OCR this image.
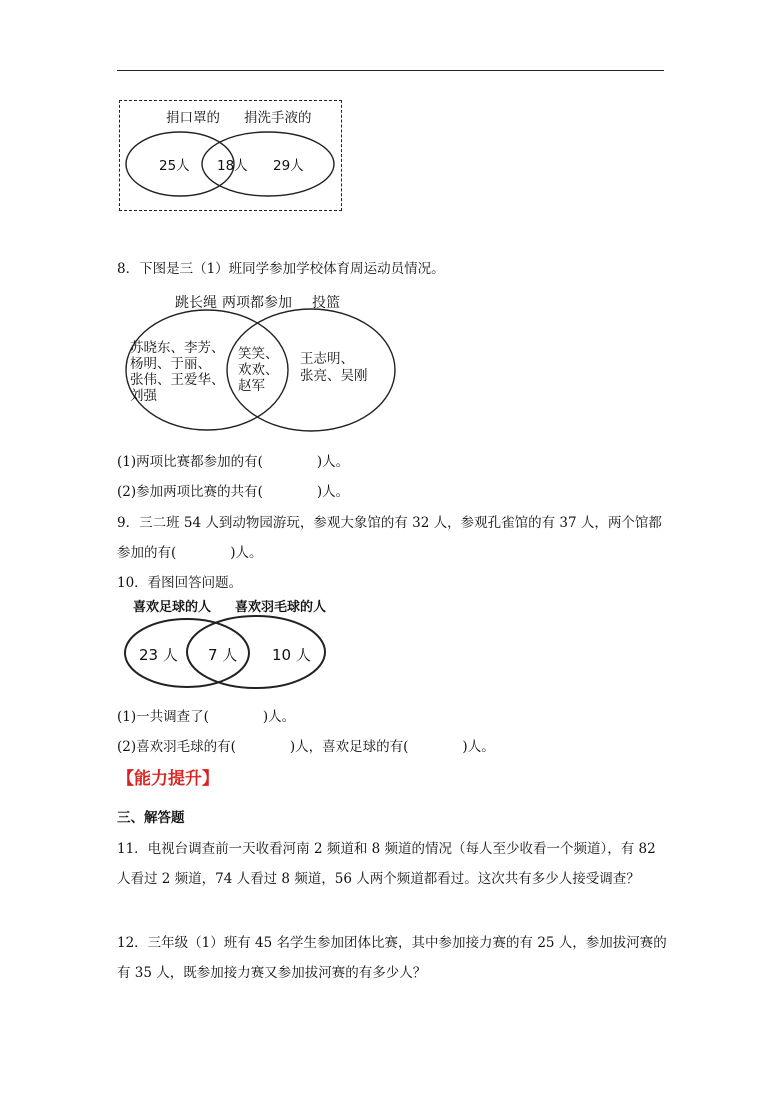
捐口罩的 捐洗手液的
25人 18人 29人
8．下图是三（1）班同学参加学校体育周运动员情况。
跳长绳 两项都参加 投篮
苏晓东、李芳、
杨明、于丽、
张伟、王爱华、
刘强
笑笑、
欢欢、
赵军
王志明、
张亮、吴刚
(1)两项比赛都参加的有(　　　　)人。
(2)参加两项比赛的共有(　　　　)人。
9．三二班 54 人到动物园游玩，参观大象馆的有 32 人，参观孔雀馆的有 37 人，两个馆都
参加的有(　　　　)人。
10．看图回答问题。
喜欢足球的人 喜欢羽毛球的人
23 人 7 人 10 人
(1)一共调查了(　　　　)人。
(2)喜欢羽毛球的有(　　　　)人，喜欢足球的有(　　　　)人。
【能力提升】
三、解答题
11．电视台调查前一天收看河南 2 频道和 8 频道的情况（每人至少收看一个频道），有 82
人看过 2 频道，74 人看过 8 频道，56 人两个频道都看过。这次共有多少人接受调查？
12．三年级（1）班有 45 名学生参加团体比赛，其中参加接力赛的有 25 人，参加拔河赛的
有 35 人，既参加接力赛又参加拔河赛的有多少人？
